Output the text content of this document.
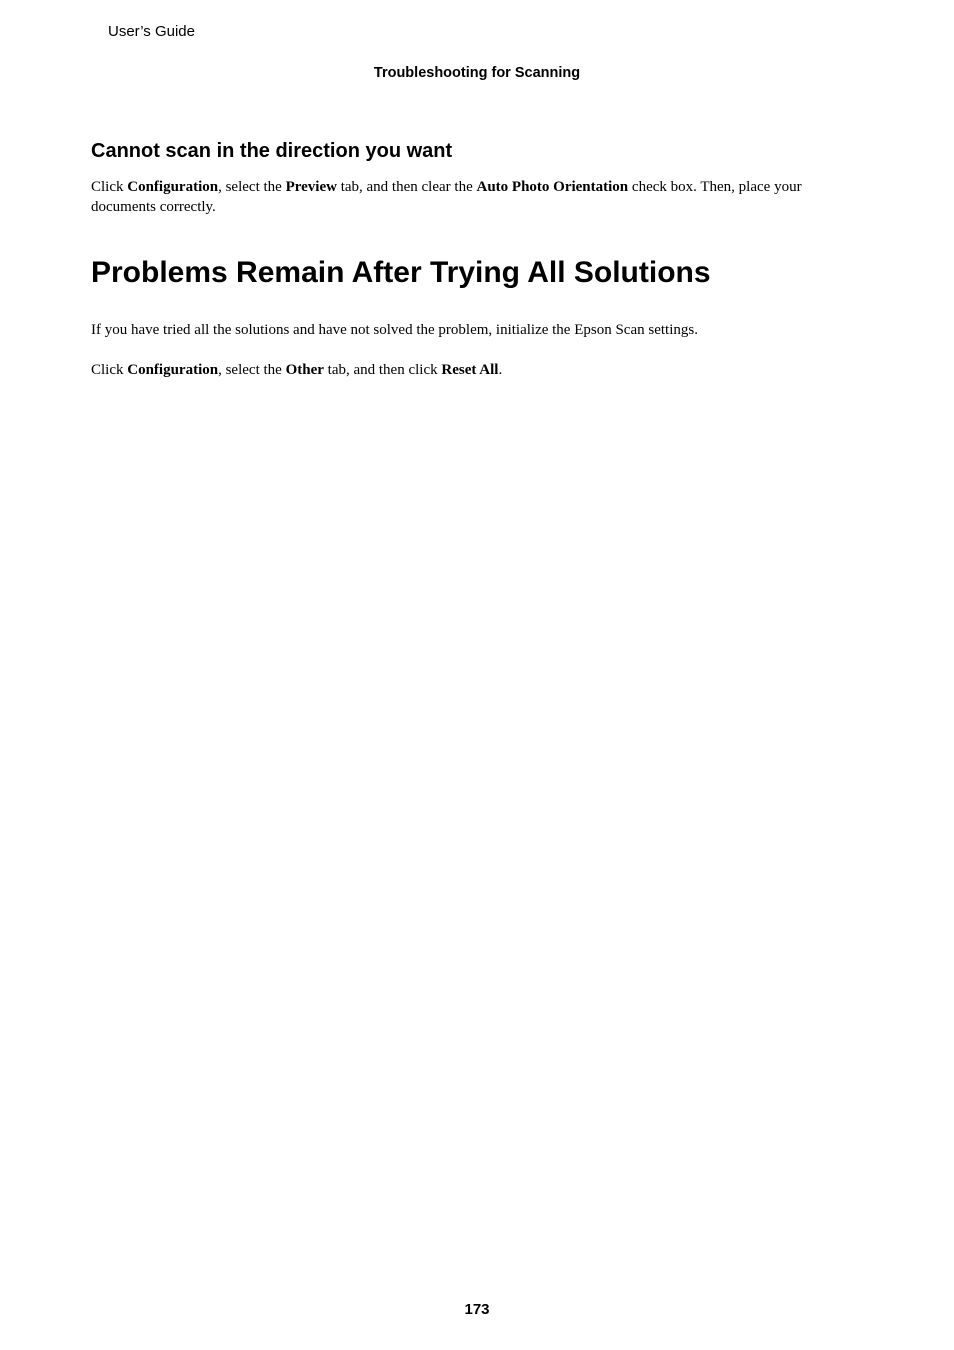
User’s Guide
Troubleshooting for Scanning
Cannot scan in the direction you want

Click Configuration, select the Preview tab, and then clear the Auto Photo Orientation check box. Then, place your documents correctly.

Problems Remain After Trying All Solutions

If you have tried all the solutions and have not solved the problem, initialize the Epson Scan settings.

Click Configuration, select the Other tab, and then click Reset All.

173
